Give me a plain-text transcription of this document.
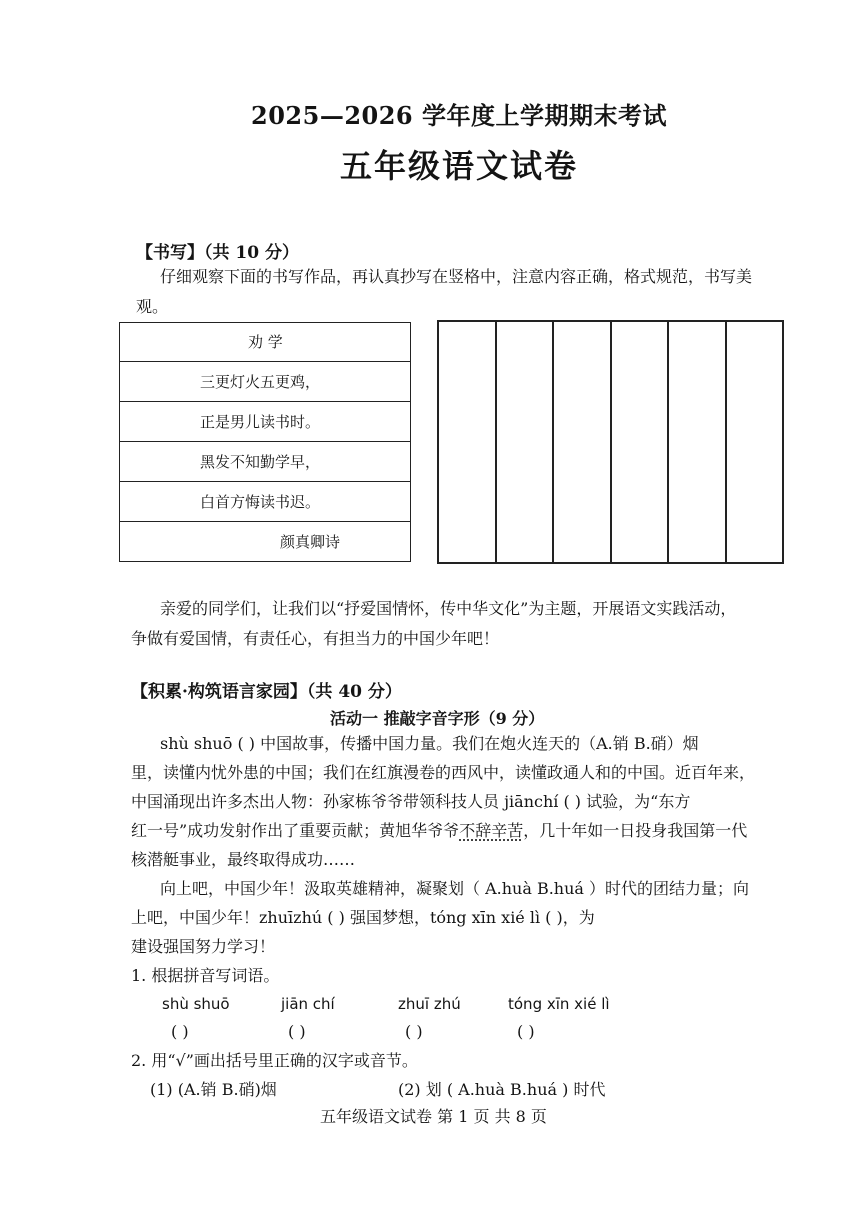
2025—2026 学年度上学期期末考试
五年级语文试卷
【书写】（共 10 分）
仔细观察下面的书写作品，再认真抄写在竖格中，注意内容正确，格式规范，书写美
观。
劝 学
三更灯火五更鸡，
正是男儿读书时。
黑发不知勤学早，
白首方悔读书迟。
颜真卿诗
亲爱的同学们，让我们以“抒爱国情怀，传中华文化”为主题，开展语文实践活动，
争做有爱国情，有责任心，有担当力的中国少年吧！
【积累·构筑语言家园】（共 40 分）
活动一 推敲字音字形（9 分）
shù shuō ( ) 中国故事，传播中国力量。我们在炮火连天的（A.销 B.硝）烟
里，读懂内忧外患的中国；我们在红旗漫卷的西风中，读懂政通人和的中国。近百年来，
中国涌现出许多杰出人物：孙家栋爷爷带领科技人员 jiānchí ( ) 试验，为“东方
红一号”成功发射作出了重要贡献；黄旭华爷爷不辞辛苦，几十年如一日投身我国第一代
核潜艇事业，最终取得成功……
向上吧，中国少年！汲取英雄精神，凝聚划（ A.huà B.huá ）时代的团结力量；向
上吧，中国少年！zhuīzhú ( ) 强国梦想，tóng xīn xié lì ( )，为
建设强国努力学习！
1. 根据拼音写词语。
shù shuō	jiān chí	zhuī zhú	tóng xīn xié lì
( )	( )	( )	( )
2. 用“√”画出括号里正确的汉字或音节。
(1) (A.销 B.硝)烟	(2) 划 ( A.huà B.huá ) 时代
五年级语文试卷 第 1 页 共 8 页
